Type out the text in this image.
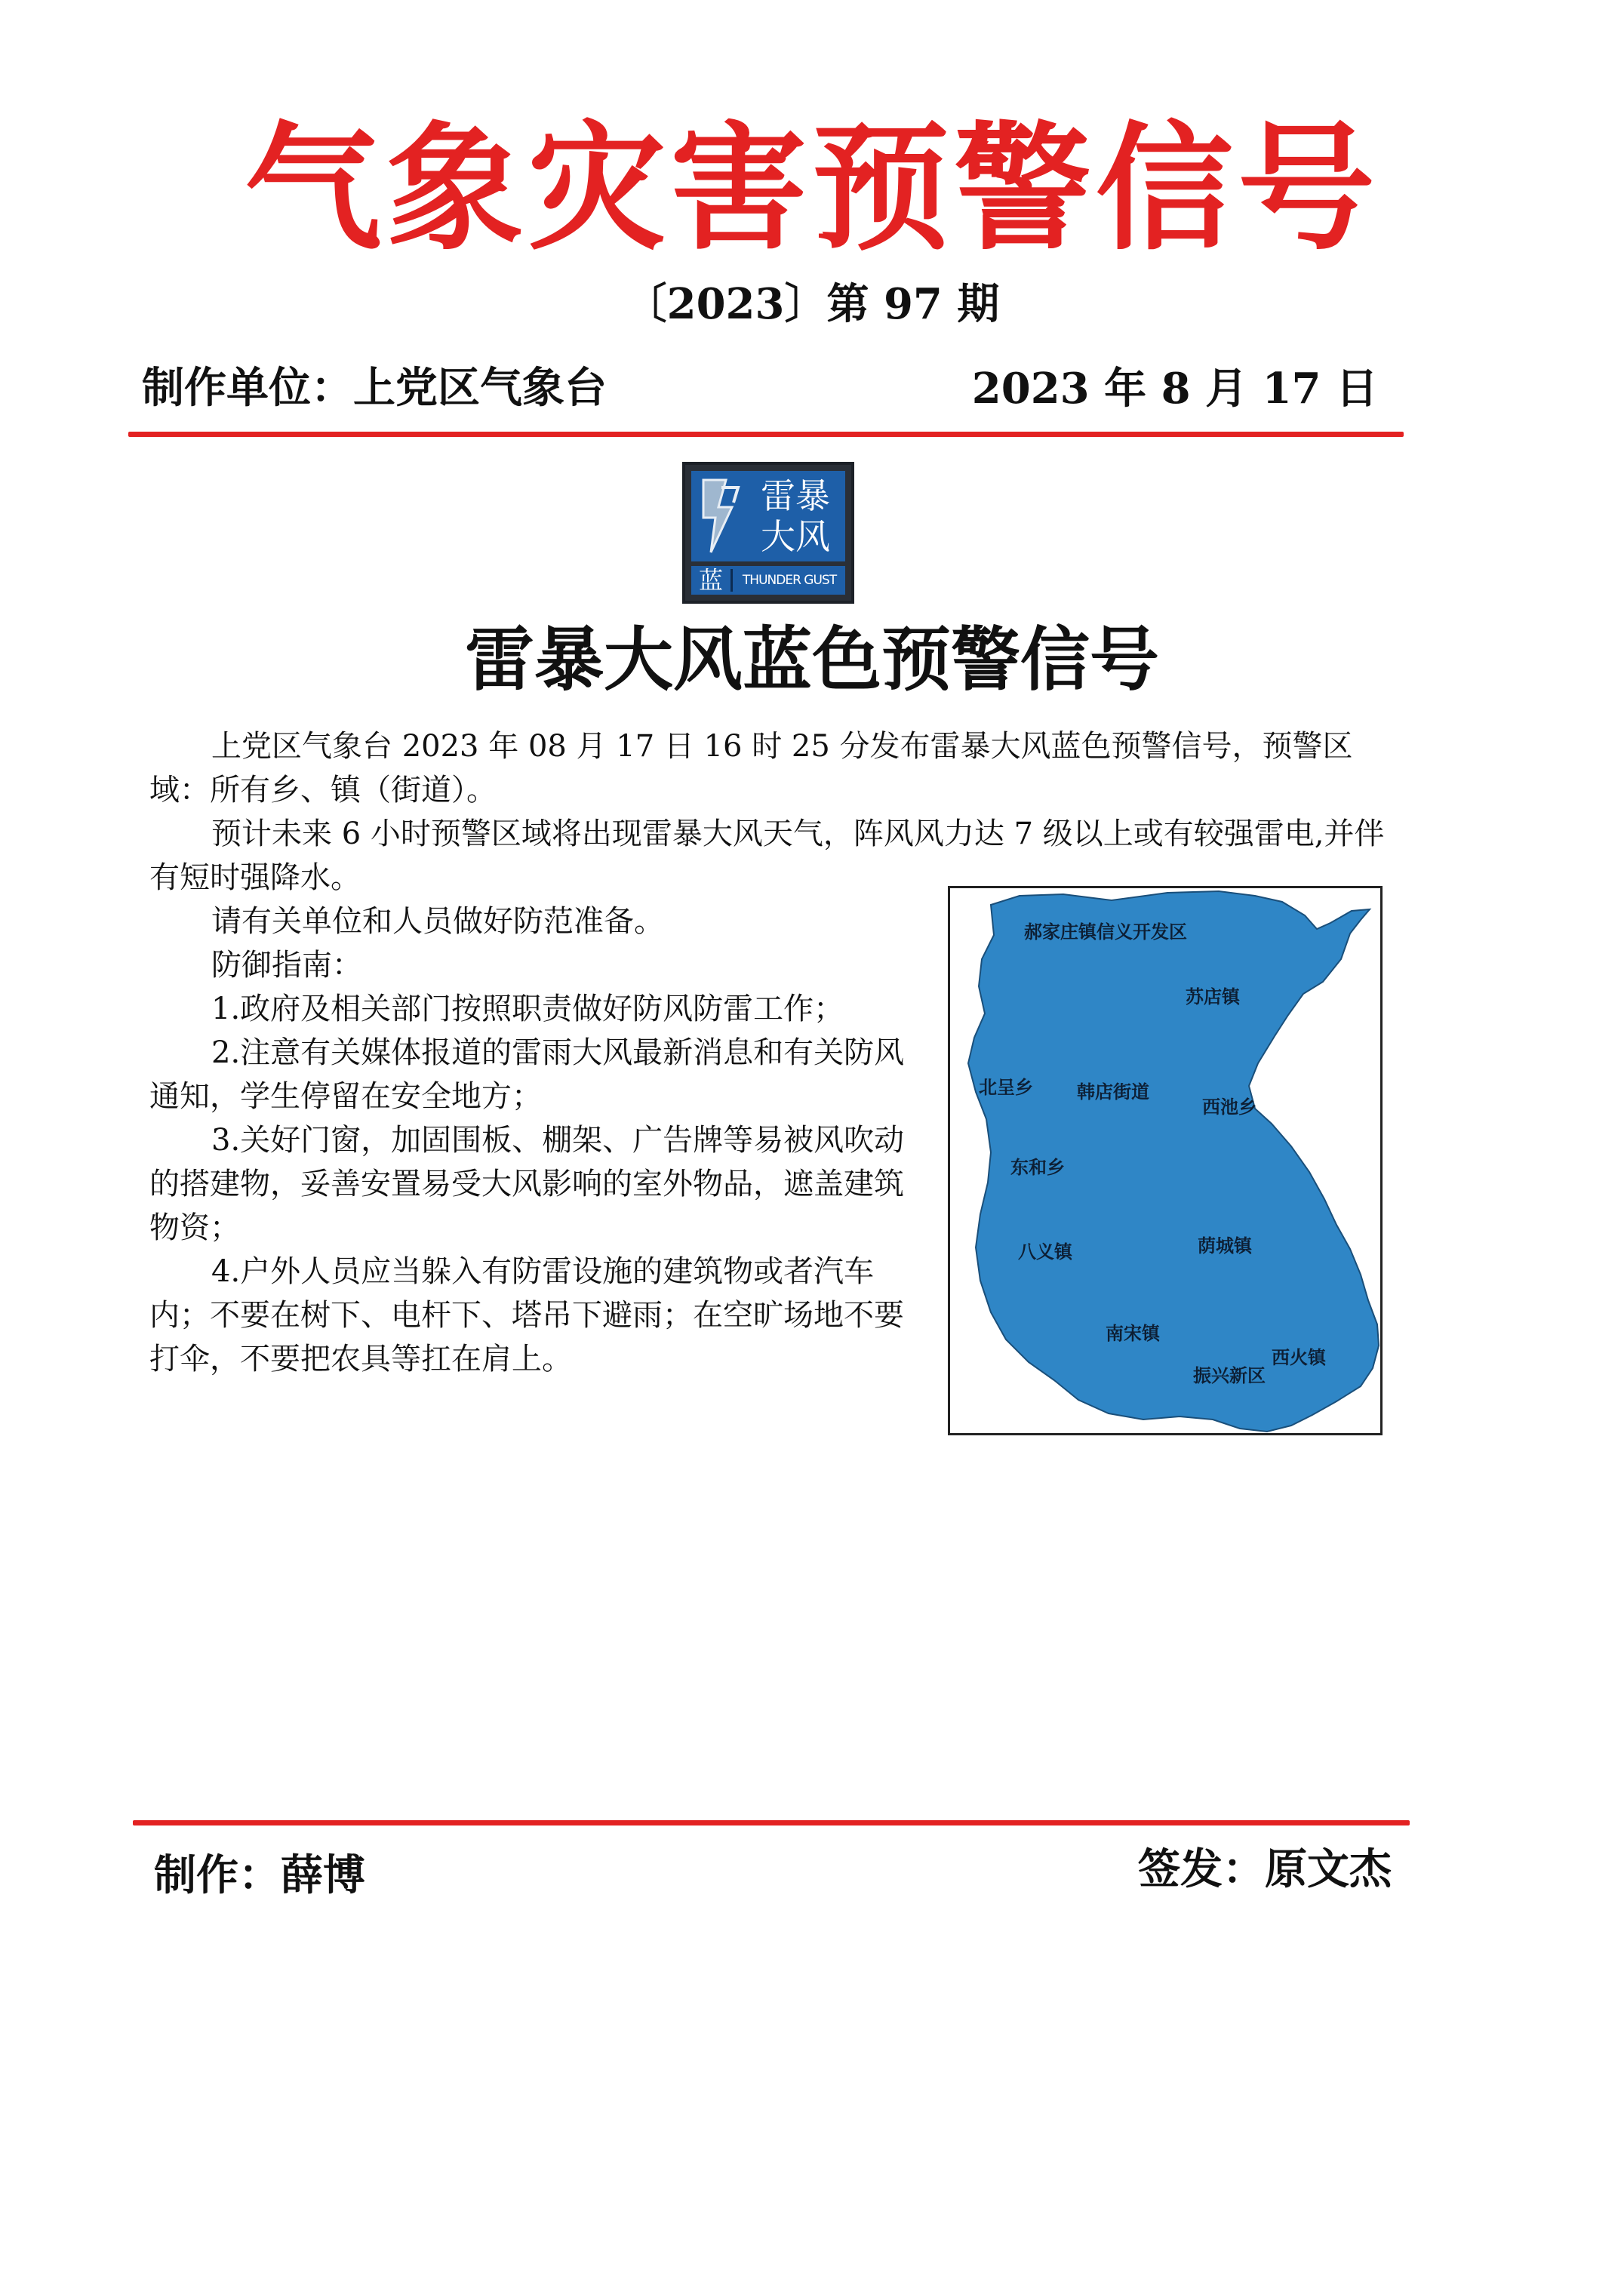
气象灾害预警信号
〔2023〕第 97 期
制作单位：上党区气象台	2023 年 8 月 17 日
雷暴
大风
蓝	THUNDER GUST
雷暴大风蓝色预警信号

上党区气象台 2023 年 08 月 17 日 16 时 25 分发布雷暴大风蓝色预警信号，预警区域：所有乡、镇（街道）。

预计未来 6 小时预警区域将出现雷暴大风天气，阵风风力达 7 级以上或有较强雷电,并伴有短时强降水。

请有关单位和人员做好防范准备。

防御指南：

1.政府及相关部门按照职责做好防风防雷工作；

2.注意有关媒体报道的雷雨大风最新消息和有关防风通知，学生停留在安全地方；

3.关好门窗，加固围板、棚架、广告牌等易被风吹动的搭建物，妥善安置易受大风影响的室外物品，遮盖建筑物资；

4.户外人员应当躲入有防雷设施的建筑物或者汽车内；不要在树下、电杆下、塔吊下避雨；在空旷场地不要打伞，不要把农具等扛在肩上。

郝家庄镇信义开发区
苏店镇
北呈乡 韩店街道
西池乡
东和乡
八义镇	荫城镇
南宋镇
西火镇
振兴新区
制作：薛博	签发：原文杰
